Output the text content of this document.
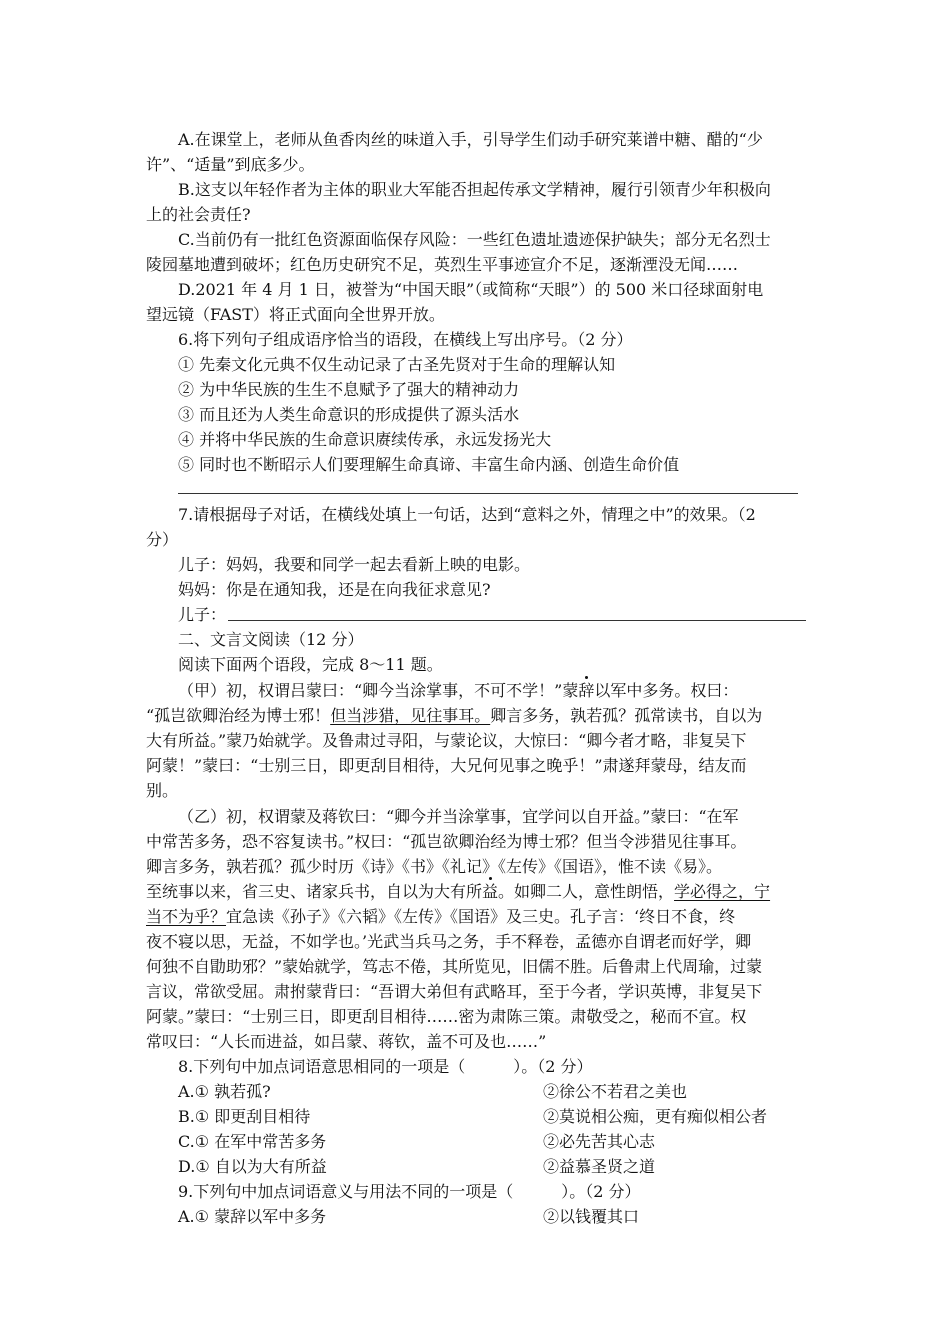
A.在课堂上，老师从鱼香肉丝的味道入手，引导学生们动手研究莱谱中糖、醋的“少
许”、“适量”到底多少。
B.这支以年轻作者为主体的职业大军能否担起传承文学精神，履行引领青少年积极向
上的社会责任?
C.当前仍有一批红色资源面临保存风险：一些红色遗址遗迹保护缺失；部分无名烈士
陵园墓地遭到破坏；红色历史研究不足，英烈生平事迹宣介不足，逐渐湮没无闻……
D.2021 年 4 月 1 日，被誉为“中国天眼”（或简称“天眼”）的 500 米口径球面射电
望远镜（FAST）将正式面向全世界开放。
6.将下列句子组成语序恰当的语段，在横线上写出序号。（2 分）
① 先秦文化元典不仅生动记录了古圣先贤对于生命的理解认知
② 为中华民族的生生不息赋予了强大的精神动力
③ 而且还为人类生命意识的形成提供了源头活水
④ 并将中华民族的生命意识赓续传承，永远发扬光大
⑤ 同时也不断昭示人们要理解生命真谛、丰富生命内涵、创造生命价值
7.请根据母子对话，在横线处填上一句话，达到“意料之外，情理之中”的效果。（2
分）
儿子：妈妈，我要和同学一起去看新上映的电影。
妈妈：你是在通知我，还是在向我征求意见?
儿子：
二、文言文阅读（12 分）
阅读下面两个语段，完成 8～11 题。
（甲）初，权谓吕蒙曰：“卿今当涂掌事，不可不学！”蒙辞以军中多务。权曰：
“孤岂欲卿治经为博士邪！但当涉猎，见往事耳。卿言多务，孰若孤？孤常读书，自以为
大有所益。”蒙乃始就学。及鲁肃过寻阳，与蒙论议，大惊曰：“卿今者才略，非复吴下
阿蒙！”蒙曰：“士别三日，即更刮目相待，大兄何见事之晚乎！”肃遂拜蒙母，结友而
别。
（乙）初，权谓蒙及蒋钦曰：“卿今并当涂掌事，宜学问以自开益。”蒙曰：“在军
中常苦多务，恐不容复读书。”权曰：“孤岂欲卿治经为博士邪？但当令涉猎见往事耳。
卿言多务，孰若孤？孤少时历《诗》《书》《礼记》《左传》《国语》，惟不读《易》。
至统事以来，省三史、诸家兵书，自以为大有所益。如卿二人，意性朗悟，学必得之，宁
当不为乎？宜急读《孙子》《六韬》《左传》《国语》及三史。孔子言：‘终日不食，终
夜不寝以思，无益，不如学也。’光武当兵马之务，手不释卷，孟德亦自谓老而好学，卿
何独不自勖助邪？”蒙始就学，笃志不倦，其所览见，旧儒不胜。后鲁肃上代周瑜，过蒙
言议，常欲受屈。肃拊蒙背曰：“吾谓大弟但有武略耳，至于今者，学识英博，非复吴下
阿蒙。”蒙曰：“士别三日，即更刮目相待……密为肃陈三策。肃敬受之，秘而不宣。权
常叹曰：“人长而进益，如吕蒙、蒋钦，盖不可及也……”
8.下列句中加点词语意思相同的一项是（　　　）。（2 分）
A.① 孰若孤?	②徐公不若君之美也
B.① 即更刮目相待	②莫说相公痴，更有痴似相公者
C.① 在军中常苦多务	②必先苦其心志
D.① 自以为大有所益	②益慕圣贤之道
9.下列句中加点词语意义与用法不同的一项是（　　　）。（2 分）
A.① 蒙辞以军中多务	②以钱覆其口
